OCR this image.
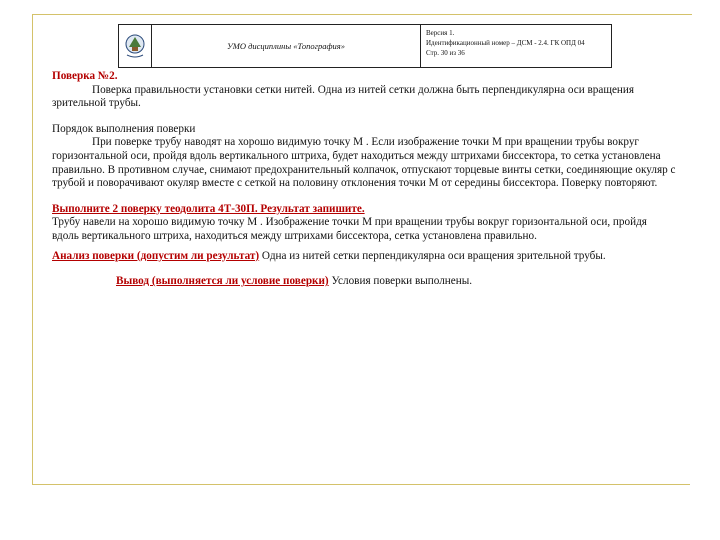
УМО дисциплины «Топография»
Версия 1.
Идентификационный номер – ДСМ - 2.4. ГК ОПД 04
Стр. 30 из 36

Поверка №2.

Поверка правильности установки сетки нитей. Одна из нитей сетки должна быть перпендикулярна оси вращения зрительной трубы.

Порядок выполнения поверки

При поверке трубу наводят на хорошо видимую точку М . Если изображение точки М при вращении трубы вокруг горизонтальной оси, пройдя вдоль вертикального штриха, будет находиться между штрихами биссектора, то сетка установлена правильно. В противном случае, снимают предохранительный колпачок, отпускают торцевые винты сетки, соединяющие окуляр с трубой и поворачивают окуляр вместе с сеткой на половину отклонения точки М от середины биссектора. Поверку повторяют.

Выполните 2 поверку теодолита 4Т-30П. Результат запишите.

Трубу навели на хорошо видимую точку М . Изображение точки М при вращении трубы вокруг горизонтальной оси, пройдя вдоль вертикального штриха, находиться между штрихами биссектора, сетка установлена правильно.

Анализ поверки (допустим ли результат) Одна из нитей сетки перпендикулярна оси вращения зрительной трубы.

Вывод (выполняется ли условие поверки) Условия поверки выполнены.
